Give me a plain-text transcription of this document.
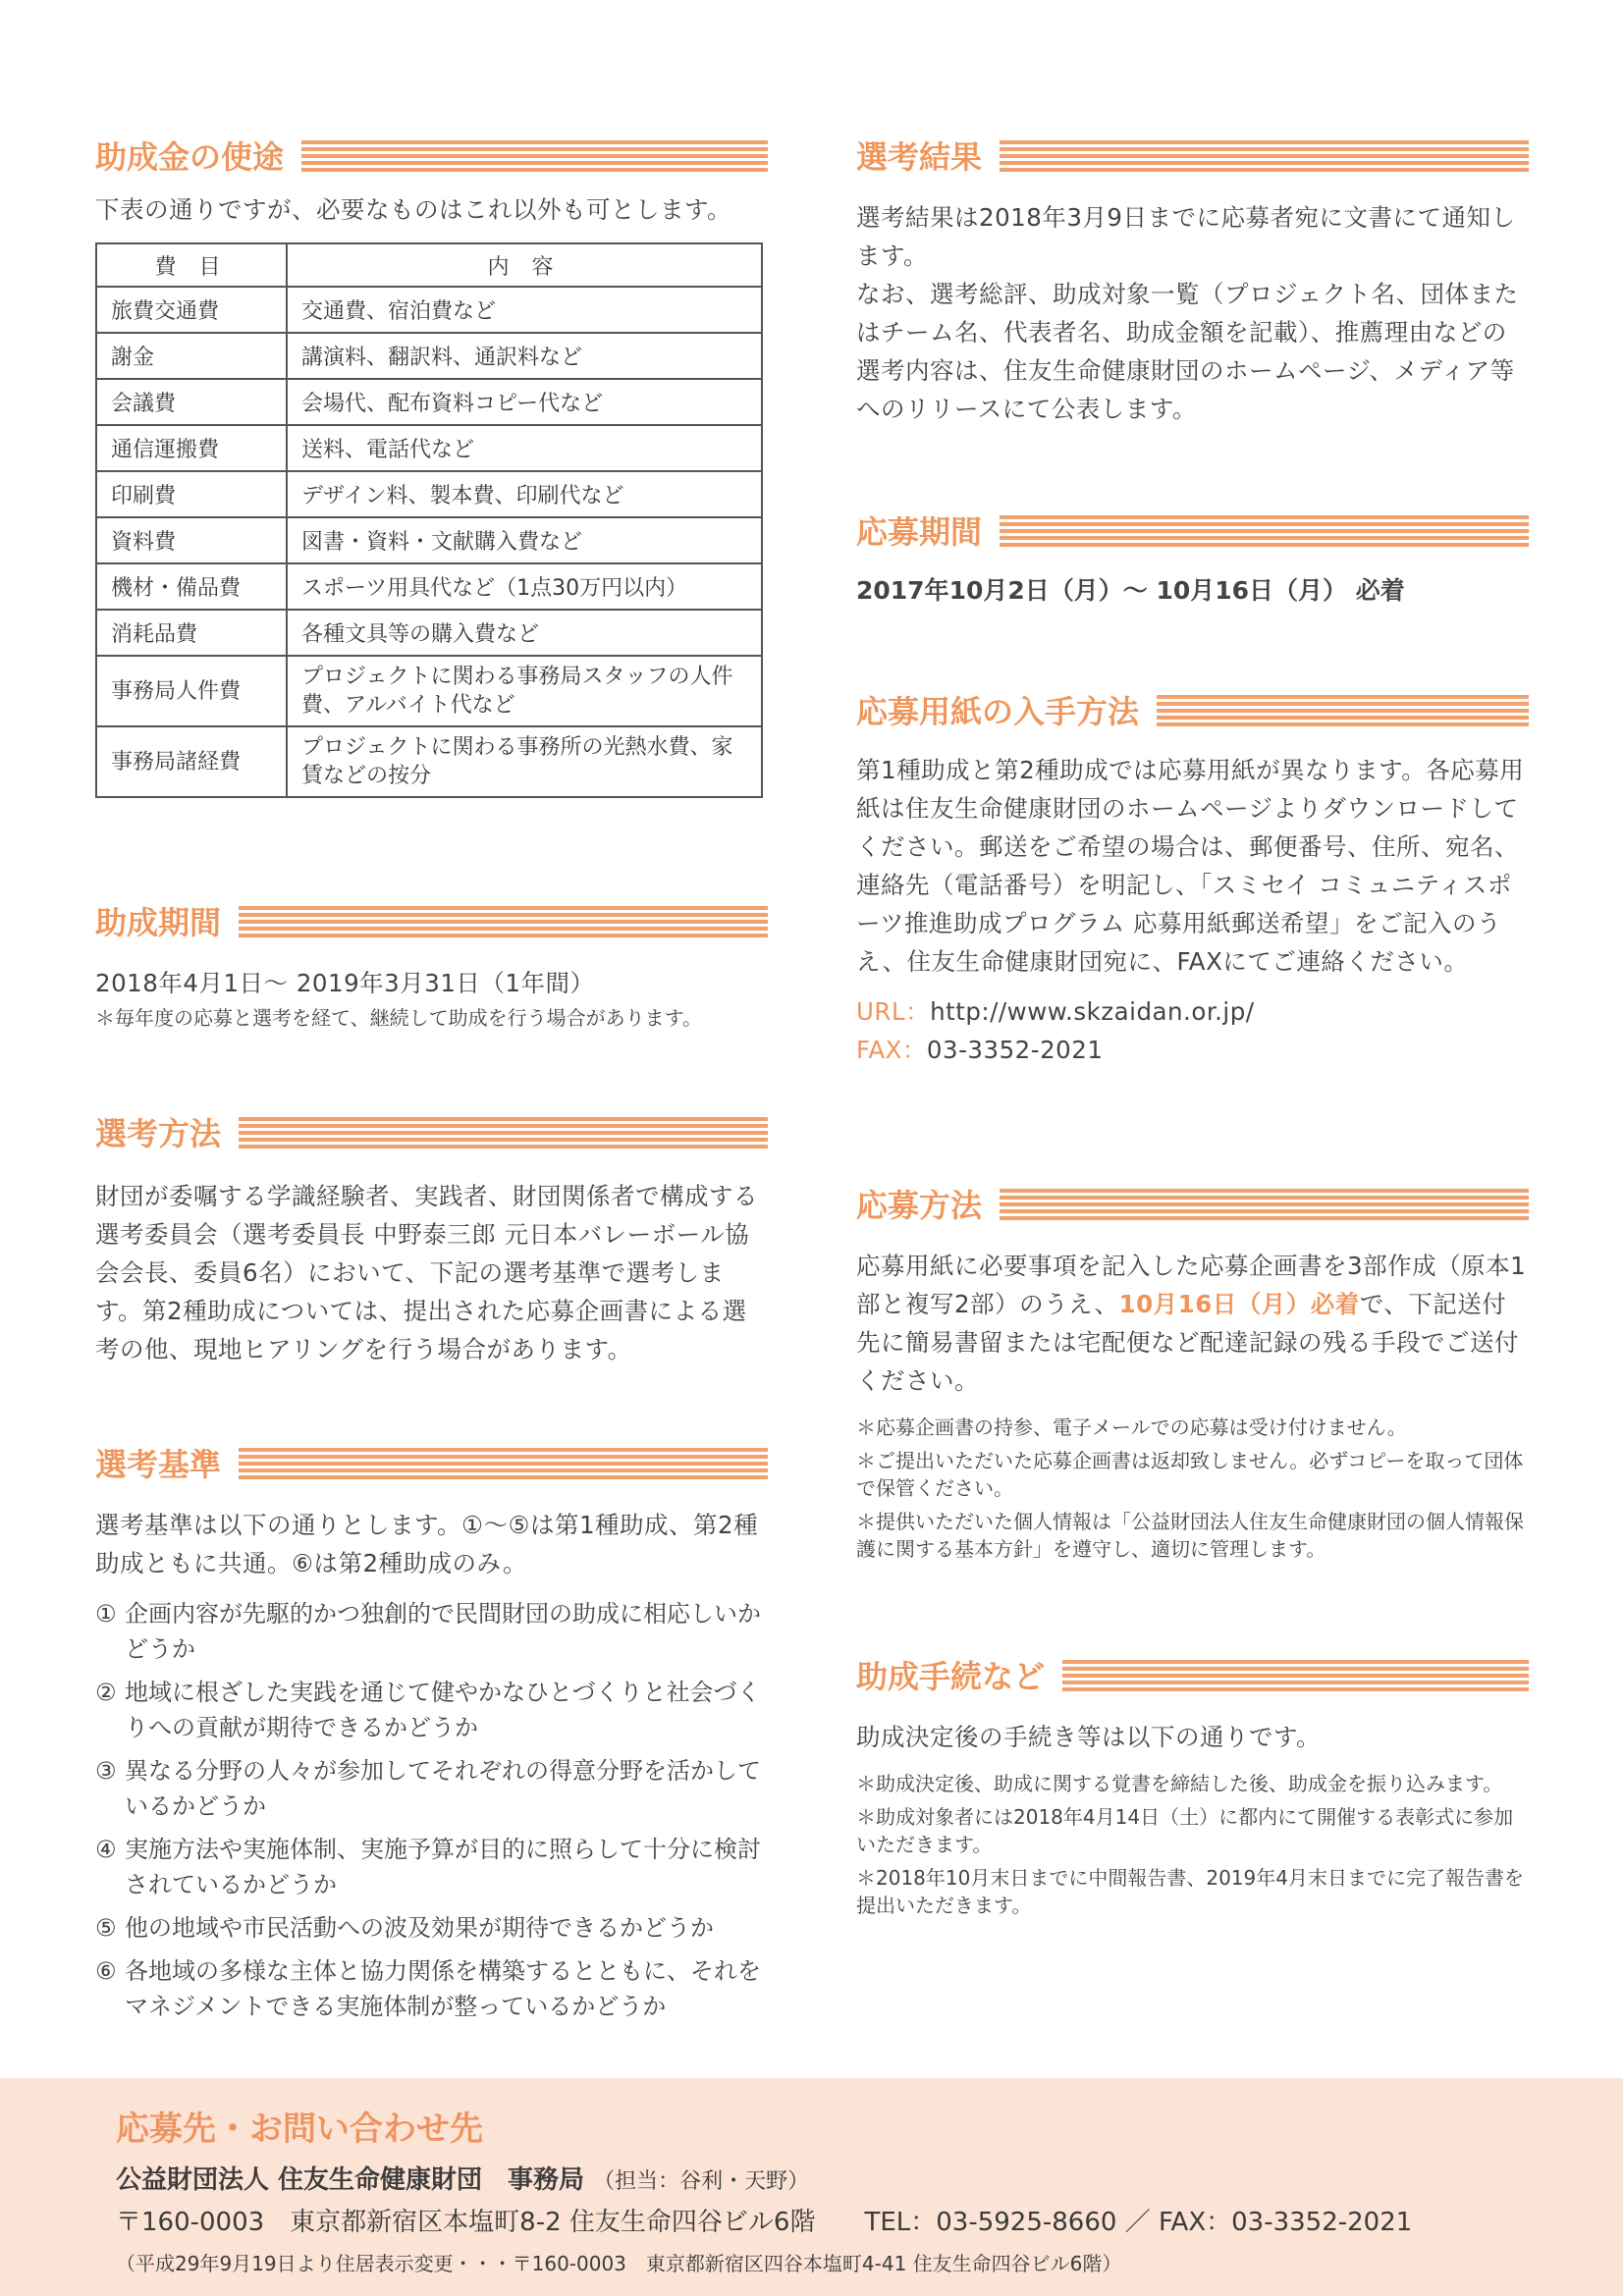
助成金の使途

下表の通りですが、必要なものはこれ以外も可とします。

費 目	内 容
旅費交通費	交通費、宿泊費など
謝金	講演料、翻訳料、通訳料など
会議費	会場代、配布資料コピー代など
通信運搬費	送料、電話代など
印刷費	デザイン料、製本費、印刷代など
資料費	図書・資料・文献購入費など
機材・備品費	スポーツ用具代など（1点30万円以内）
消耗品費	各種文具等の購入費など
事務局人件費	プロジェクトに関わる事務局スタッフの人件費、アルバイト代など
事務局諸経費	プロジェクトに関わる事務所の光熱水費、家賃などの按分
助成期間

2018年4月1日〜 2019年3月31日（1年間）

＊毎年度の応募と選考を経て、継続して助成を行う場合があります。

選考方法

財団が委嘱する学識経験者、実践者、財団関係者で構成する選考委員会（選考委員長 中野泰三郎 元日本バレーボール協会会長、委員6名）において、下記の選考基準で選考します。第2種助成については、提出された応募企画書による選考の他、現地ヒアリングを行う場合があります。

選考基準

選考基準は以下の通りとします。①〜⑤は第1種助成、第2種助成ともに共通。⑥は第2種助成のみ。

① 企画内容が先駆的かつ独創的で民間財団の助成に相応しいかどうか
② 地域に根ざした実践を通じて健やかなひとづくりと社会づくりへの貢献が期待できるかどうか
③ 異なる分野の人々が参加してそれぞれの得意分野を活かしているかどうか
④ 実施方法や実施体制、実施予算が目的に照らして十分に検討されているかどうか
⑤ 他の地域や市民活動への波及効果が期待できるかどうか
⑥ 各地域の多様な主体と協力関係を構築するとともに、それをマネジメントできる実施体制が整っているかどうか
選考結果

選考結果は2018年3月9日までに応募者宛に文書にて通知します。

なお、選考総評、助成対象一覧（プロジェクト名、団体またはチーム名、代表者名、助成金額を記載）、推薦理由などの選考内容は、住友生命健康財団のホームページ、メディア等へのリリースにて公表します。

応募期間

2017年10月2日（月）〜 10月16日（月） 必着

応募用紙の入手方法

第1種助成と第2種助成では応募用紙が異なります。各応募用紙は住友生命健康財団のホームページよりダウンロードしてください。郵送をご希望の場合は、郵便番号、住所、宛名、連絡先（電話番号）を明記し、「スミセイ コミュニティスポーツ推進助成プログラム 応募用紙郵送希望」をご記入のうえ、住友生命健康財団宛に、FAXにてご連絡ください。

URL：http://www.skzaidan.or.jp/

FAX：03-3352-2021

応募方法

応募用紙に必要事項を記入した応募企画書を3部作成（原本1部と複写2部）のうえ、10月16日（月）必着で、下記送付先に簡易書留または宅配便など配達記録の残る手段でご送付ください。

＊応募企画書の持参、電子メールでの応募は受け付けません。

＊ご提出いただいた応募企画書は返却致しません。必ずコピーを取って団体で保管ください。

＊提供いただいた個人情報は「公益財団法人住友生命健康財団の個人情報保護に関する基本方針」を遵守し、適切に管理します。

助成手続など

助成決定後の手続き等は以下の通りです。

＊助成決定後、助成に関する覚書を締結した後、助成金を振り込みます。

＊助成対象者には2018年4月14日（土）に都内にて開催する表彰式に参加いただきます。

＊2018年10月末日までに中間報告書、2019年4月末日までに完了報告書を提出いただきます。

応募先・お問い合わせ先
公益財団法人 住友生命健康財団　事務局 （担当：谷利・天野）
〒160-0003　東京都新宿区本塩町8-2 住友生命四谷ビル6階 TEL：03-5925-8660 ／ FAX：03-3352-2021
（平成29年9月19日より住居表示変更・・・〒160-0003　東京都新宿区四谷本塩町4-41 住友生命四谷ビル6階）
